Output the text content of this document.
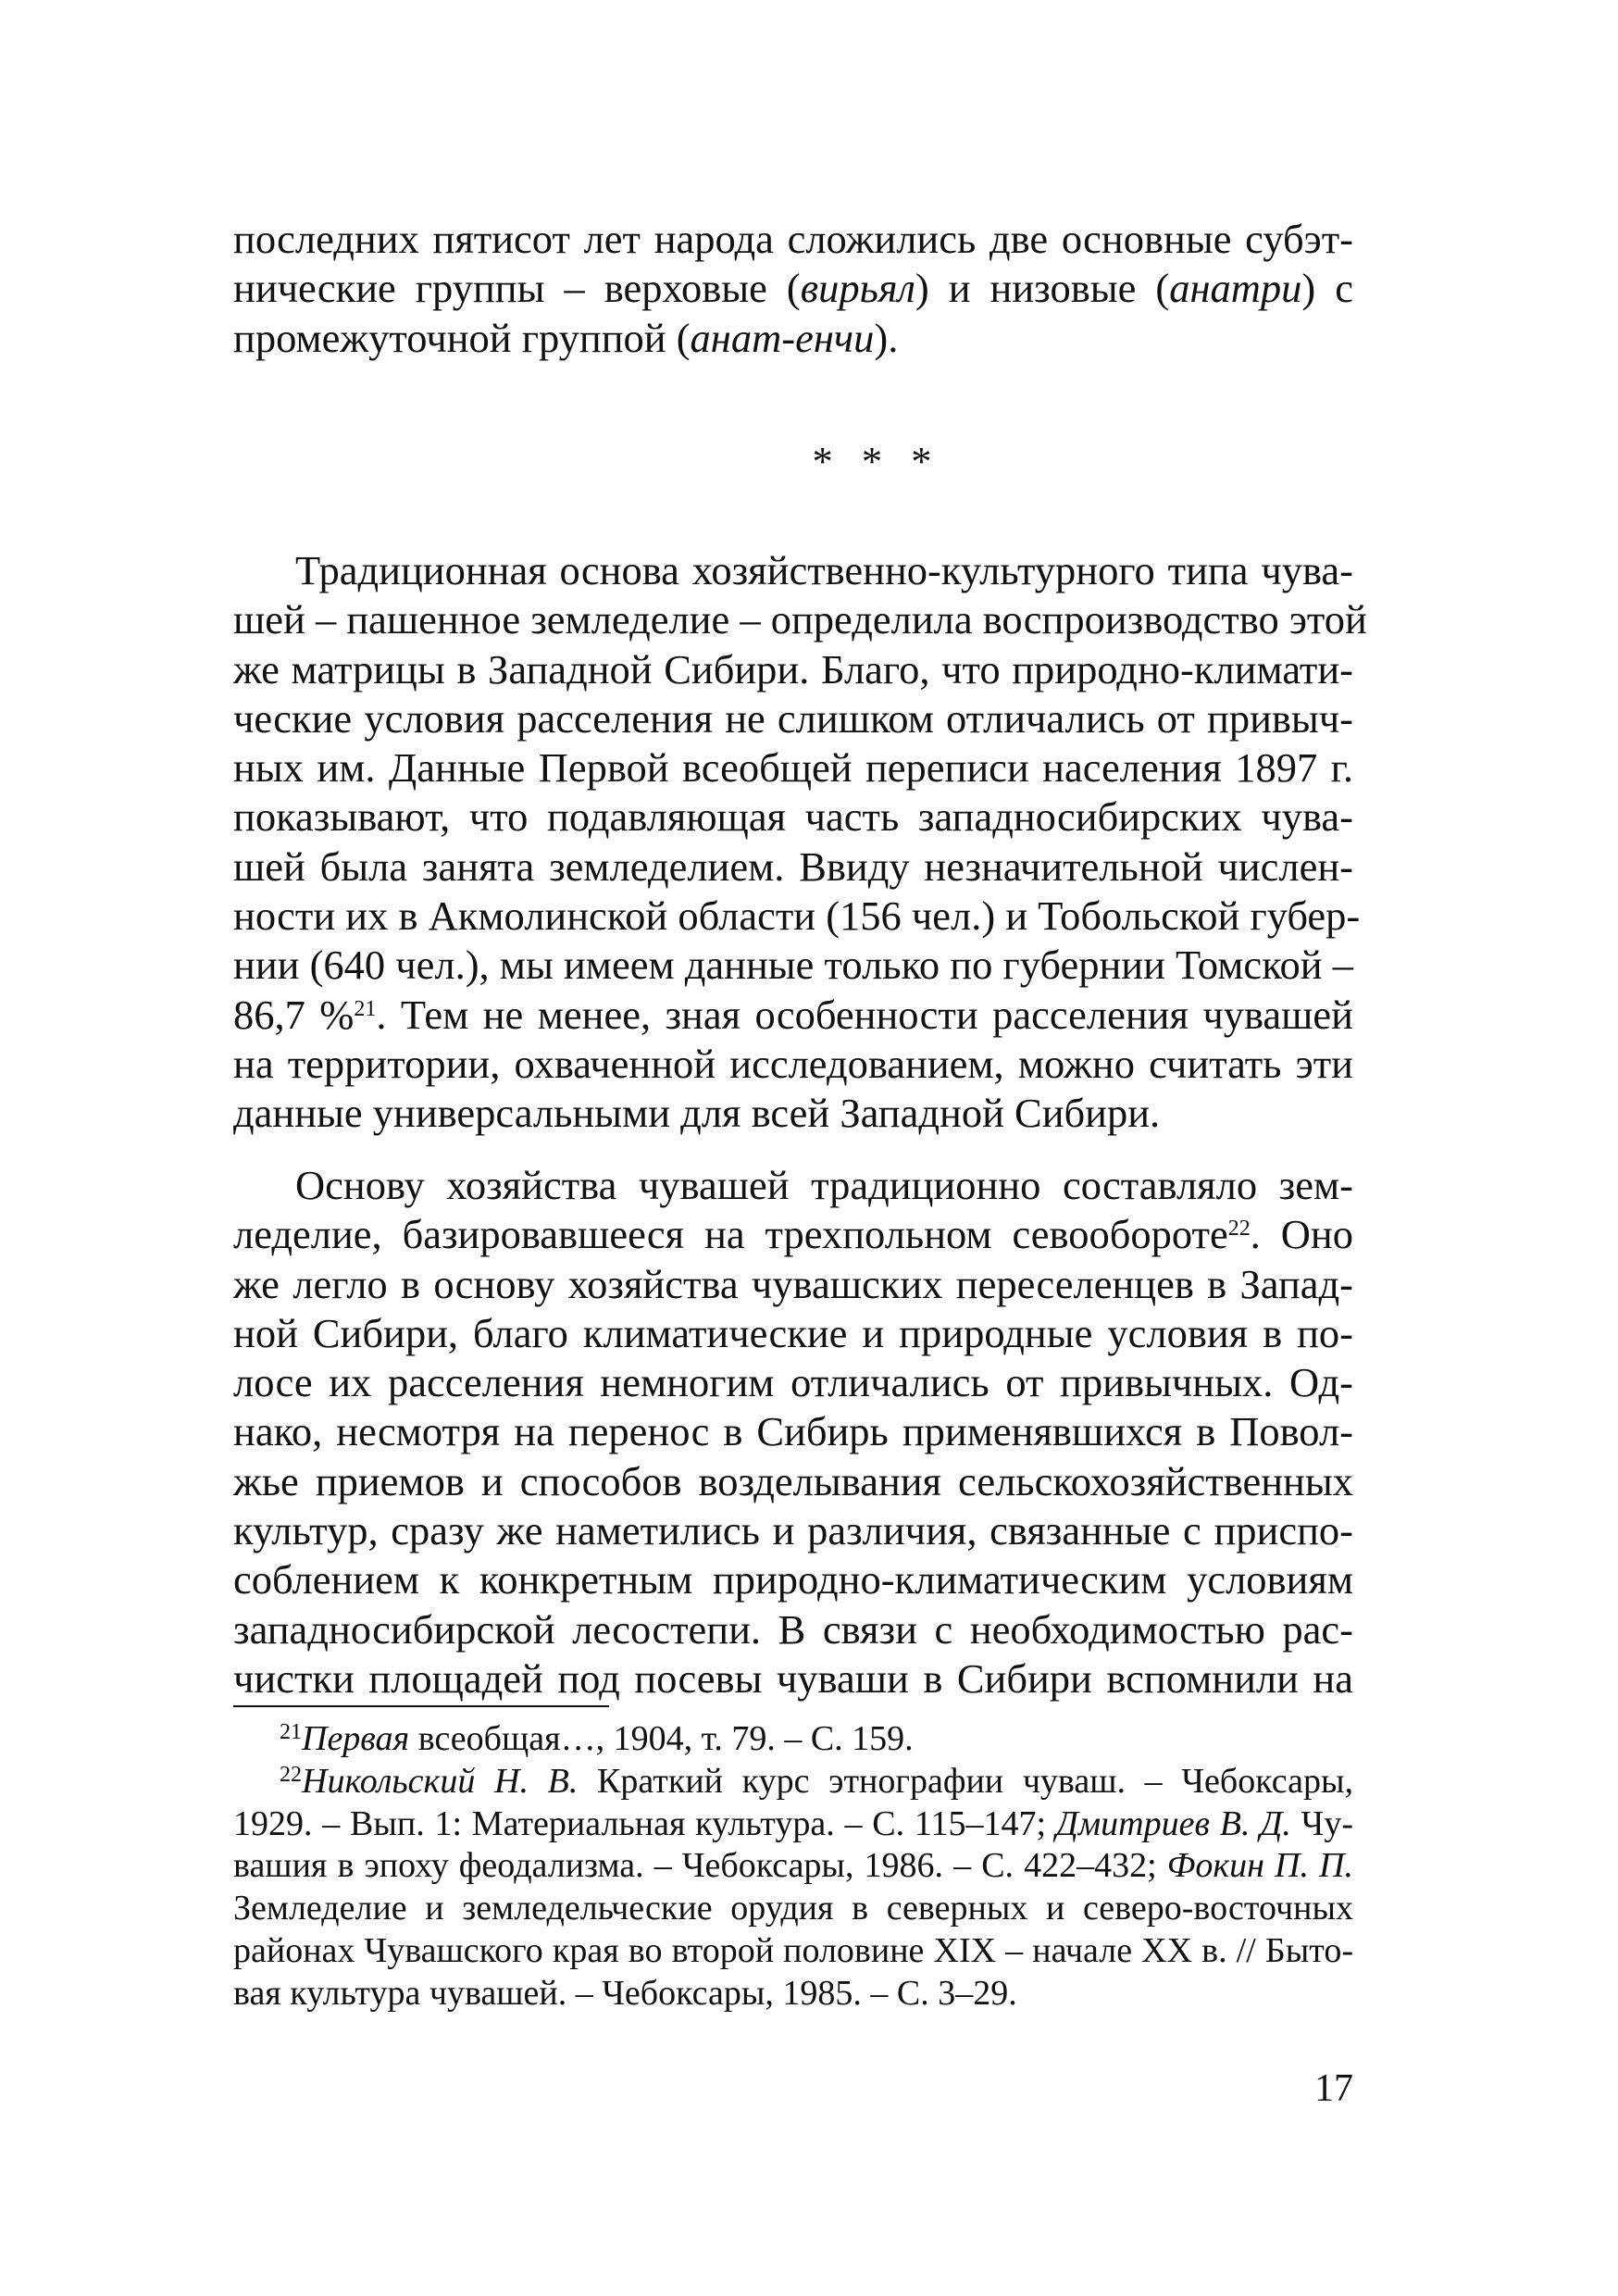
последних пятисот лет народа сложились две основные субэт-
нические группы – верховые (вирьял) и низовые (анатри) с
промежуточной группой (анат-енчи).
* * *
Традиционная основа хозяйственно-культурного типа чува-
шей – пашенное земледелие – определила воспроизводство этой
же матрицы в Западной Сибири. Благо, что природно-климати-
ческие условия расселения не слишком отличались от привыч-
ных им. Данные Первой всеобщей переписи населения 1897 г.
показывают, что подавляющая часть западносибирских чува-
шей была занята земледелием. Ввиду незначительной числен-
ности их в Акмолинской области (156 чел.) и Тобольской губер-
нии (640 чел.), мы имеем данные только по губернии Томской –
86,7 %$^{21}$. Тем не менее, зная особенности расселения чувашей
на территории, охваченной исследованием, можно считать эти
данные универсальными для всей Западной Сибири.
Основу хозяйства чувашей традиционно составляло зем-
леделие, базировавшееся на трехпольном севообороте$^{22}$. Оно
же легло в основу хозяйства чувашских переселенцев в Запад-
ной Сибири, благо климатические и природные условия в по-
лосе их расселения немногим отличались от привычных. Од-
нако, несмотря на перенос в Сибирь применявшихся в Повол-
жье приемов и способов возделывания сельскохозяйственных
культур, сразу же наметились и различия, связанные с приспо-
соблением к конкретным природно-климатическим условиям
западносибирской лесостепи. В связи с необходимостью рас-
чистки площадей под посевы чуваши в Сибири вспомнили на
$^{21}$Первая всеобщая…, 1904, т. 79. – С. 159.
$^{22}$Никольский Н. В. Краткий курс этнографии чуваш. – Чебоксары,
1929. – Вып. 1: Материальная культура. – С. 115–147; Дмитриев В. Д. Чу-
вашия в эпоху феодализма. – Чебоксары, 1986. – С. 422–432; Фокин П. П.
Земледелие и земледельческие орудия в северных и северо-восточных
районах Чувашского края во второй половине XIX – начале XX в. // Быто-
вая культура чувашей. – Чебоксары, 1985. – С. 3–29.
17
